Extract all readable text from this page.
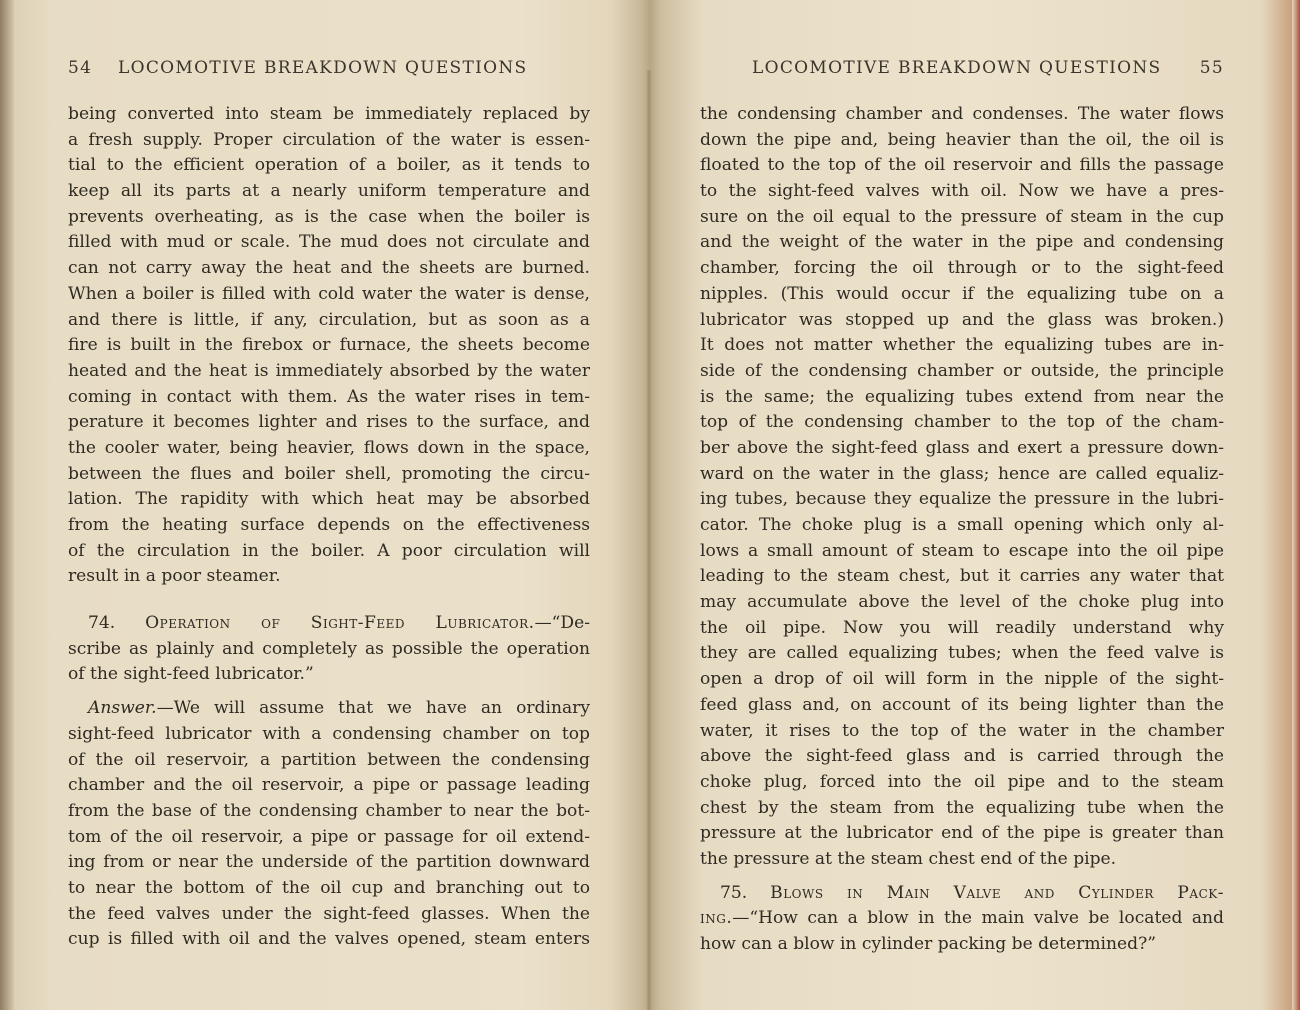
54 LOCOMOTIVE BREAKDOWN QUESTIONS
being converted into steam be immediately replaced by
a fresh supply. Proper circulation of the water is essen-
tial to the efficient operation of a boiler, as it tends to
keep all its parts at a nearly uniform temperature and
prevents overheating, as is the case when the boiler is
filled with mud or scale. The mud does not circulate and
can not carry away the heat and the sheets are burned.
When a boiler is filled with cold water the water is dense,
and there is little, if any, circulation, but as soon as a
fire is built in the firebox or furnace, the sheets become
heated and the heat is immediately absorbed by the water
coming in contact with them. As the water rises in tem-
perature it becomes lighter and rises to the surface, and
the cooler water, being heavier, flows down in the space,
between the flues and boiler shell, promoting the circu-
lation. The rapidity with which heat may be absorbed
from the heating surface depends on the effectiveness
of the circulation in the boiler. A poor circulation will
result in a poor steamer.
74. Operation of Sight-Feed Lubricator.—“De-
scribe as plainly and completely as possible the operation
of the sight-feed lubricator.”
Answer.—We will assume that we have an ordinary
sight-feed lubricator with a condensing chamber on top
of the oil reservoir, a partition between the condensing
chamber and the oil reservoir, a pipe or passage leading
from the base of the condensing chamber to near the bot-
tom of the oil reservoir, a pipe or passage for oil extend-
ing from or near the underside of the partition downward
to near the bottom of the oil cup and branching out to
the feed valves under the sight-feed glasses. When the
cup is filled with oil and the valves opened, steam enters
LOCOMOTIVE BREAKDOWN QUESTIONS 55
the condensing chamber and condenses. The water flows
down the pipe and, being heavier than the oil, the oil is
floated to the top of the oil reservoir and fills the passage
to the sight-feed valves with oil. Now we have a pres-
sure on the oil equal to the pressure of steam in the cup
and the weight of the water in the pipe and condensing
chamber, forcing the oil through or to the sight-feed
nipples. (This would occur if the equalizing tube on a
lubricator was stopped up and the glass was broken.)
It does not matter whether the equalizing tubes are in-
side of the condensing chamber or outside, the principle
is the same; the equalizing tubes extend from near the
top of the condensing chamber to the top of the cham-
ber above the sight-feed glass and exert a pressure down-
ward on the water in the glass; hence are called equaliz-
ing tubes, because they equalize the pressure in the lubri-
cator. The choke plug is a small opening which only al-
lows a small amount of steam to escape into the oil pipe
leading to the steam chest, but it carries any water that
may accumulate above the level of the choke plug into
the oil pipe. Now you will readily understand why
they are called equalizing tubes; when the feed valve is
open a drop of oil will form in the nipple of the sight-
feed glass and, on account of its being lighter than the
water, it rises to the top of the water in the chamber
above the sight-feed glass and is carried through the
choke plug, forced into the oil pipe and to the steam
chest by the steam from the equalizing tube when the
pressure at the lubricator end of the pipe is greater than
the pressure at the steam chest end of the pipe.
75. Blows in Main Valve and Cylinder Pack-
ing.—“How can a blow in the main valve be located and
how can a blow in cylinder packing be determined?”
